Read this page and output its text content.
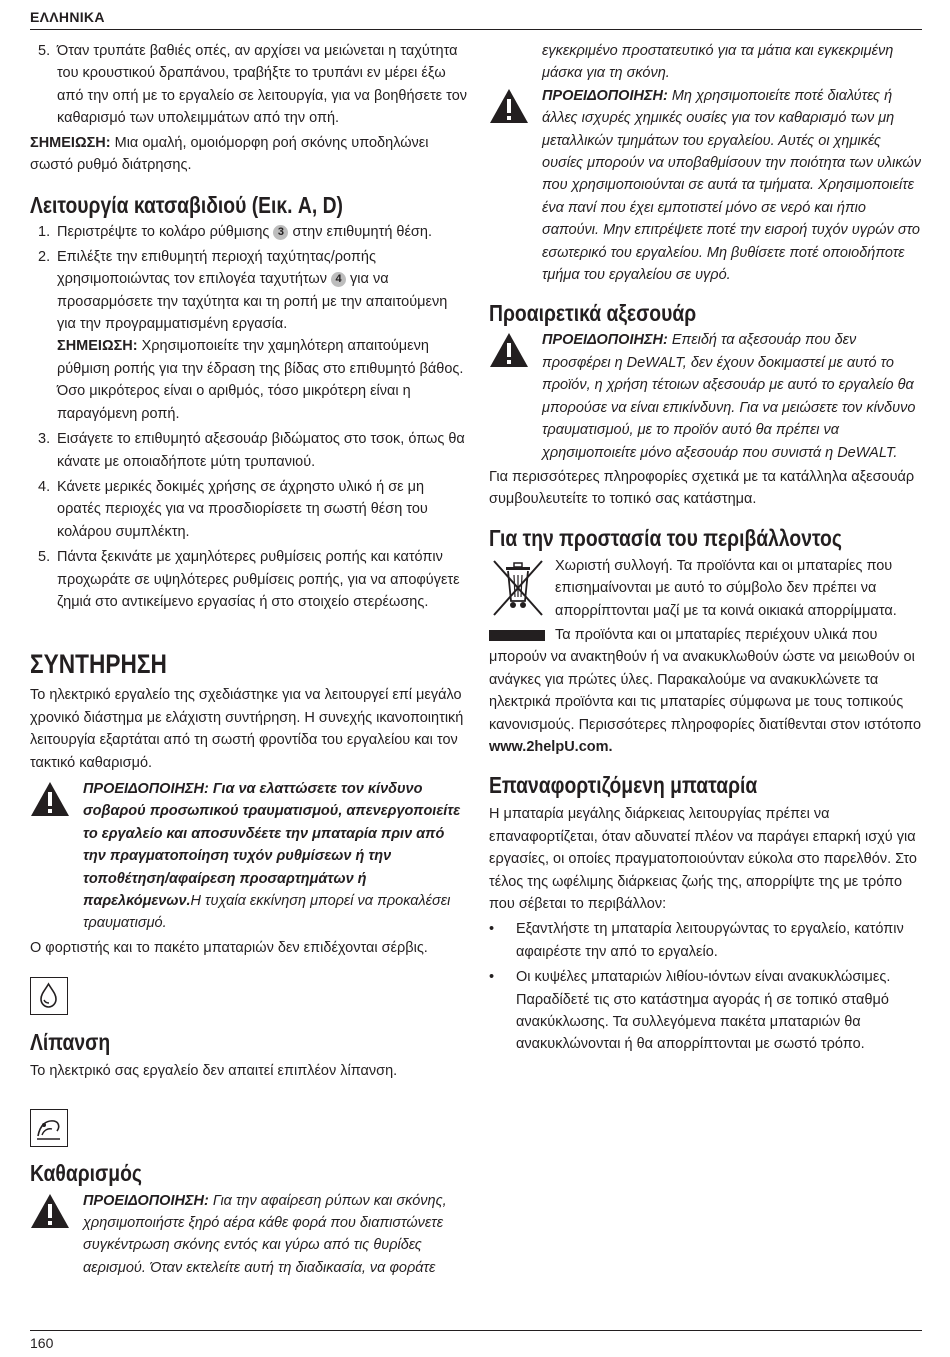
ΕΛΛΗΝΙΚΑ
5. Όταν τρυπάτε βαθιές οπές, αν αρχίσει να μειώνεται η ταχύτητα του κρουστικού δραπάνου, τραβήξτε το τρυπάνι εν μέρει έξω από την οπή με το εργαλείο σε λειτουργία, για να βοηθήσετε τον καθαρισμό των υπολειμμάτων από την οπή.

ΣΗΜΕΙΩΣΗ: Μια ομαλή, ομοιόμορφη ροή σκόνης υποδηλώνει σωστό ρυθμό διάτρησης.

Λειτουργία κατσαβιδιού (Εικ. A, D)
1. Περιστρέψτε το κολάρο ρύθμισης 3 στην επιθυμητή θέση.
2. Επιλέξτε την επιθυμητή περιοχή ταχύτητας/ροπής χρησιμοποιώντας τον επιλογέα ταχυτήτων 4 για να προσαρμόσετε την ταχύτητα και τη ροπή με την απαιτούμενη για την προγραμματισμένη εργασία.

ΣΗΜΕΙΩΣΗ: Χρησιμοποιείτε την χαμηλότερη απαιτούμενη ρύθμιση ροπής για την έδραση της βίδας στο επιθυμητό βάθος. Όσο μικρότερος είναι ο αριθμός, τόσο μικρότερη είναι η παραγόμενη ροπή.

3. Εισάγετε το επιθυμητό αξεσουάρ βιδώματος στο τσοκ, όπως θα κάνατε με οποιαδήποτε μύτη τρυπανιού.
4. Κάνετε μερικές δοκιμές χρήσης σε άχρηστο υλικό ή σε μη ορατές περιοχές για να προσδιορίσετε τη σωστή θέση του κολάρου συμπλέκτη.
5. Πάντα ξεκινάτε με χαμηλότερες ρυθμίσεις ροπής και κατόπιν προχωράτε σε υψηλότερες ρυθμίσεις ροπής, για να αποφύγετε ζημιά στο αντικείμενο εργασίας ή στο στοιχείο στερέωσης.
ΣΥΝΤΗΡΗΣΗ

Το ηλεκτρικό εργαλείο της σχεδιάστηκε για να λειτουργεί επί μεγάλο χρονικό διάστημα με ελάχιστη συντήρηση. Η συνεχής ικανοποιητική λειτουργία εξαρτάται από τη σωστή φροντίδα του εργαλείου και τον τακτικό καθαρισμό.

ΠΡΟΕΙΔΟΠΟΙΗΣΗ: Για να ελαττώσετε τον κίνδυνο σοβαρού προσωπικού τραυματισμού, απενεργοποιείτε το εργαλείο και αποσυνδέετε την μπαταρία πριν από την πραγματοποίηση τυχόν ρυθμίσεων ή την τοποθέτηση/αφαίρεση προσαρτημάτων ή παρελκόμενων.Η τυχαία εκκίνηση μπορεί να προκαλέσει τραυματισμό.

Ο φορτιστής και το πακέτο μπαταριών δεν επιδέχονται σέρβις.

Λίπανση

Το ηλεκτρικό σας εργαλείο δεν απαιτεί επιπλέον λίπανση.

Καθαρισμός
ΠΡΟΕΙΔΟΠΟΙΗΣΗ: Για την αφαίρεση ρύπων και σκόνης, χρησιμοποιήστε ξηρό αέρα κάθε φορά που διαπιστώνετε συγκέντρωση σκόνης εντός και γύρω από τις θυρίδες αερισμού. Όταν εκτελείτε αυτή τη διαδικασία, να φοράτε

εγκεκριμένο προστατευτικό για τα μάτια και εγκεκριμένη μάσκα για τη σκόνη.

ΠΡΟΕΙΔΟΠΟΙΗΣΗ: Μη χρησιμοποιείτε ποτέ διαλύτες ή άλλες ισχυρές χημικές ουσίες για τον καθαρισμό των μη μεταλλικών τμημάτων του εργαλείου. Αυτές οι χημικές ουσίες μπορούν να υποβαθμίσουν την ποιότητα των υλικών που χρησιμοποιούνται σε αυτά τα τμήματα. Χρησιμοποιείτε ένα πανί που έχει εμποτιστεί μόνο σε νερό και ήπιο σαπούνι. Μην επιτρέψετε ποτέ την εισροή τυχόν υγρών στο εσωτερικό του εργαλείου. Μη βυθίσετε ποτέ οποιοδήποτε τμήμα του εργαλείου σε υγρό.
Προαιρετικά αξεσουάρ
ΠΡΟΕΙΔΟΠΟΙΗΣΗ: Επειδή τα αξεσουάρ που δεν προσφέρει η DeWALT, δεν έχουν δοκιμαστεί με αυτό το προϊόν, η χρήση τέτοιων αξεσουάρ με αυτό το εργαλείο θα μπορούσε να είναι επικίνδυνη. Για να μειώσετε τον κίνδυνο τραυματισμού, με το προϊόν αυτό θα πρέπει να χρησιμοποιείτε μόνο αξεσουάρ που συνιστά η DeWALT.

Για περισσότερες πληροφορίες σχετικά με τα κατάλληλα αξεσουάρ συμβουλευτείτε το τοπικό σας κατάστημα.

Για την προστασία του περιβάλλοντος

Χωριστή συλλογή. Τα προϊόντα και οι μπαταρίες που επισημαίνονται με αυτό το σύμβολο δεν πρέπει να απορρίπτονται μαζί με τα κοινά οικιακά απορρίμματα.

Τα προϊόντα και οι μπαταρίες περιέχουν υλικά που μπορούν να ανακτηθούν ή να ανακυκλωθούν ώστε να μειωθούν οι ανάγκες για πρώτες ύλες. Παρακαλούμε να ανακυκλώνετε τα ηλεκτρικά προϊόντα και τις μπαταρίες σύμφωνα με τους τοπικούς κανονισμούς. Περισσότερες πληροφορίες διατίθενται στον ιστότοπο www.2helpU.com.

Επαναφορτιζόμενη μπαταρία

Η μπαταρία μεγάλης διάρκειας λειτουργίας πρέπει να επαναφορτίζεται, όταν αδυνατεί πλέον να παράγει επαρκή ισχύ για εργασίες, οι οποίες πραγματοποιούνταν εύκολα στο παρελθόν. Στο τέλος της ωφέλιμης διάρκειας ζωής της, απορρίψτε της με τρόπο που σέβεται το περιβάλλον:

• Εξαντλήστε τη μπαταρία λειτουργώντας το εργαλείο, κατόπιν αφαιρέστε την από το εργαλείο.
• Οι κυψέλες μπαταριών λιθίου-ιόντων είναι ανακυκλώσιμες. Παραδίδετέ τις στο κατάστημα αγοράς ή σε τοπικό σταθμό ανακύκλωσης. Τα συλλεγόμενα πακέτα μπαταριών θα ανακυκλώνονται ή θα απορρίπτονται με σωστό τρόπο.
160
